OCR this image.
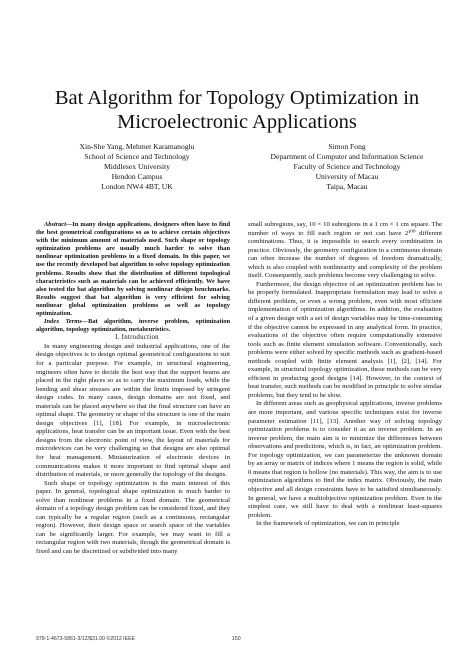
Bat Algorithm for Topology Optimization in
Microelectronic Applications
Xin-She Yang, Mehmet Karamanoglu
School of Science and Technology
Middlesex University
Hendon Campus
London NW4 4BT, UK
Simon Fong
Department of Computer and Information Science
Faculty of Science and Technology
University of Macau
Taipa, Macau

Abstract—In many design applications, designers often have to find the best geometrical configurations so as to achieve certain objectives with the minimum amount of materials used. Such shape or topology optimization problems are usually much harder to solve than nonlinear optimization problems in a fixed domain. In this paper, we use the recently developed bat algorithm to solve topology optimization problems. Results show that the distribution of different topological characteristics such as materials can be achieved efficiently. We have also tested the bat algorithm by solving nonlinear design benchmarks. Results suggest that bat algorithm is very efficient for solving nonlinear global optimization problems as well as topology optimization.

Index Terms—Bat algorithm, inverse problem, optimization algorithm, topology optimization, metaheuristics.

I. Introduction

In many engineering design and industrial applications, one of the design objectives is to design optimal geometrical configurations to suit for a particular purpose. For example, in structural engineering, engineers often have to decide the best way that the support beams are placed in the right places so as to carry the maximum loads, while the bending and shear stresses are within the limits imposed by stringent design codes. In many cases, design domains are not fixed, and materials can be placed anywhere so that the final structure can have an optimal shape. The geometry or shape of the structure is one of the main design objectives [1], [18]. For example, in microelectronic applications, heat transfer can be an important issue. Even with the best designs from the electronic point of view, the layout of materials for microdevices can be very challenging so that designs are also optimal for heat management. Miniaturization of electronic devices in communications makes it more important to find optimal shape and distribution of materials, or more generally the topology of the designs.

Such shape or topology optimization is the main interest of this paper. In general, topological shape optimization is much harder to solve than nonlinear problems in a fixed domain. The geometrical domain of a topology design problem can be considered fixed, and they can typically be a regular region (such as a continuous, rectangular region). However, their design space or search space of the variables can be significantly larger. For example, we may want to fill a rectangular region with two materials, though the geometrical domain is fixed and can be discretized or subdivided into many

small subregions, say, 10 × 10 subregions in a 1 cm × 1 cm square. The number of ways to fill each region or not can have 2¹⁰⁰ different combinations. Thus, it is impossible to search every combination in practice. Obviously, the geometry configuration in a continuous domain can often increase the number of degrees of freedom dramatically, which is also coupled with nonlinearity and complexity of the problem itself. Consequently, such problems become very challenging to solve.

Furthermore, the design objective of an optimization problem has to be properly formulated. Inappropriate formulation may lead to solve a different problem, or even a wrong problem, even with most efficient implementation of optimization algorithms. In addition, the evaluation of a given design with a set of design variables may be time-consuming if the objective cannot be expressed in any analytical form. In practice, evaluations of the objective often require computationally extensive tools such as finite element simulation software. Conventionally, such problems were either solved by specific methods such as gradient-based methods coupled with finite element analysis [1], [2], [14]. For example, in structural topology optimization, these methods can be very efficient in producing good designs [14]. However, in the context of heat transfer, such methods can be modified in principle to solve similar problems, but they tend to be slow.

In different areas such as geophysical applications, inverse problems are more important, and various specific techniques exist for inverse parameter estimation [11], [13]. Another way of solving topology optimization problems is to consider it as an inverse problem. In an inverse problem, the main aim is to minimize the differences between observations and predictions, which is, in fact, an optimization problem. For topology optimization, we can parameterize the unknown domain by an array or matrix of indices where 1 means the region is solid, while 0 means that region is hollow (no materials). This way, the aim is to use optimization algorithms to find the index matrix. Obviously, the main objective and all design constraints have to be satisfied simultaneously. In general, we have a multiobjective optimization problem. Even in the simplest case, we still have to deal with a nonlinear least-squares problem.

In the framework of optimization, we can in principle

978-1-4673-5861-3/12/$31.00 ©2012 IEEE	150
